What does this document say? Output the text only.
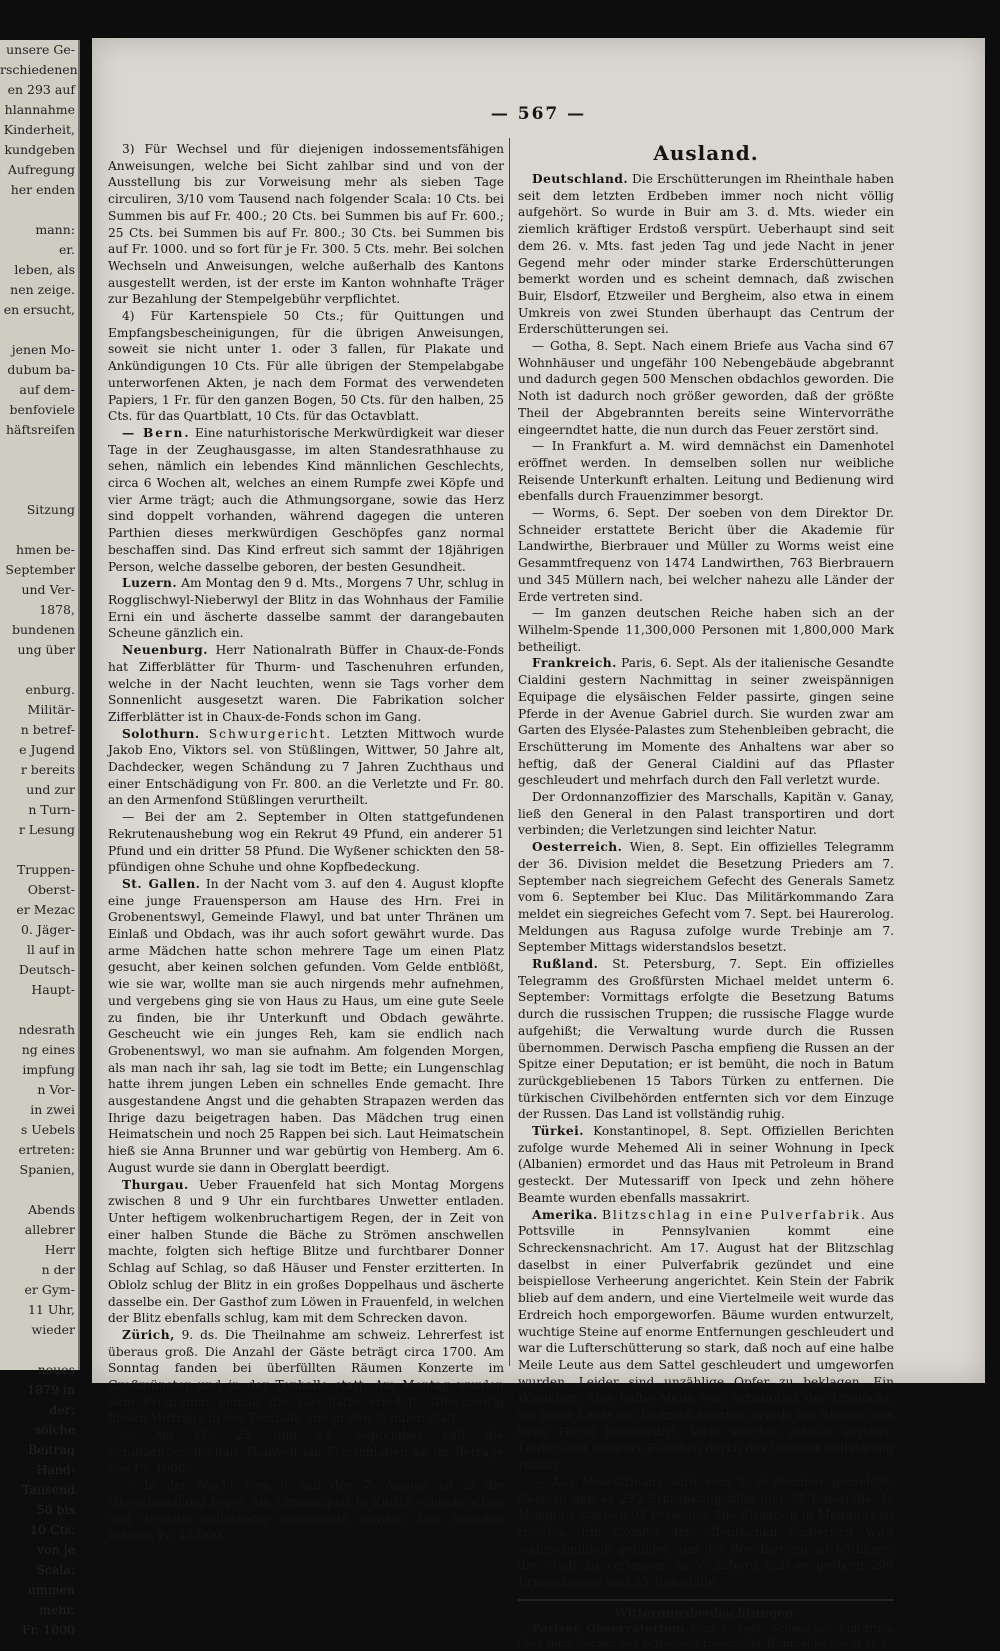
unsere Ge-
rschiedenen
en 293 auf
hlannahme
Kinderheit,
kundgeben
Aufregung
her enden

mann:
er.
leben, als
nen zeige.
en ersucht,

jenen Mo-
dubum ba-
auf dem-
benfoviele
häftsreifen

Sitzung

hmen be-
September
und Ver-
1878,
bundenen
ung über

enburg.
Militär-
n betref-
e Jugend
r bereits
und zur
n Turn-
r Lesung

Truppen-
Oberst-
er Mezac
0. Jäger-
ll auf in
Deutsch-
Haupt-

ndesrath
ng eines
impfung
n Vor-
in zwei
s Uebels
ertreten:
Spanien,

Abends
allebrer
Herr
n der
er Gym-
11 Uhr,
wieder

neues
1879 in
der:
solche
Beitrag
Hand-
Tausend
50 bis
10 Cts.
von je
Scala:
ummen
mehr.
Fr. 1000
— 567 —

3) Für Wechsel und für diejenigen indossementsfähigen Anweisungen, welche bei Sicht zahlbar sind und von der Ausstellung bis zur Vorweisung mehr als sieben Tage circuliren, 3/10 vom Tausend nach folgender Scala: 10 Cts. bei Summen bis auf Fr. 400.; 20 Cts. bei Summen bis auf Fr. 600.; 25 Cts. bei Summen bis auf Fr. 800.; 30 Cts. bei Summen bis auf Fr. 1000. und so fort für je Fr. 300. 5 Cts. mehr. Bei solchen Wechseln und Anweisungen, welche außerhalb des Kantons ausgestellt werden, ist der erste im Kanton wohnhafte Träger zur Bezahlung der Stempelgebühr verpflichtet.

4) Für Kartenspiele 50 Cts.; für Quittungen und Empfangsbescheinigungen, für die übrigen Anweisungen, soweit sie nicht unter 1. oder 3 fallen, für Plakate und Ankündigungen 10 Cts. Für alle übrigen der Stempelabgabe unterworfenen Akten, je nach dem Format des verwendeten Papiers, 1 Fr. für den ganzen Bogen, 50 Cts. für den halben, 25 Cts. für das Quartblatt, 10 Cts. für das Octavblatt.

— Bern. Eine naturhistorische Merkwürdigkeit war dieser Tage in der Zeughausgasse, im alten Standesrathhause zu sehen, nämlich ein lebendes Kind männlichen Geschlechts, circa 6 Wochen alt, welches an einem Rumpfe zwei Köpfe und vier Arme trägt; auch die Athmungsorgane, sowie das Herz sind doppelt vorhanden, während dagegen die unteren Parthien dieses merkwürdigen Geschöpfes ganz normal beschaffen sind. Das Kind erfreut sich sammt der 18jährigen Person, welche dasselbe geboren, der besten Gesundheit.

Luzern. Am Montag den 9 d. Mts., Morgens 7 Uhr, schlug in Rogglischwyl-Nieberwyl der Blitz in das Wohnhaus der Familie Erni ein und äscherte dasselbe sammt der darangebauten Scheune gänzlich ein.

Neuenburg. Herr Nationalrath Büffer in Chaux-de-Fonds hat Zifferblätter für Thurm- und Taschenuhren erfunden, welche in der Nacht leuchten, wenn sie Tags vorher dem Sonnenlicht ausgesetzt waren. Die Fabrikation solcher Zifferblätter ist in Chaux-de-Fonds schon im Gang.

Solothurn. Schwurgericht. Letzten Mittwoch wurde Jakob Eno, Viktors sel. von Stüßlingen, Wittwer, 50 Jahre alt, Dachdecker, wegen Schändung zu 7 Jahren Zuchthaus und einer Entschädigung von Fr. 800. an die Verletzte und Fr. 80. an den Armenfond Stüßlingen verurtheilt.

— Bei der am 2. September in Olten stattgefundenen Rekrutenaushebung wog ein Rekrut 49 Pfund, ein anderer 51 Pfund und ein dritter 58 Pfund. Die Wyßener schickten den 58-pfündigen ohne Schuhe und ohne Kopfbedeckung.

St. Gallen. In der Nacht vom 3. auf den 4. August klopfte eine junge Frauensperson am Hause des Hrn. Frei in Grobenentswyl, Gemeinde Flawyl, und bat unter Thränen um Einlaß und Obdach, was ihr auch sofort gewährt wurde. Das arme Mädchen hatte schon mehrere Tage um einen Platz gesucht, aber keinen solchen gefunden. Vom Gelde entblößt, wie sie war, wollte man sie auch nirgends mehr aufnehmen, und vergebens ging sie von Haus zu Haus, um eine gute Seele zu finden, bie ihr Unterkunft und Obdach gewährte. Gescheucht wie ein junges Reh, kam sie endlich nach Grobenentswyl, wo man sie aufnahm. Am folgenden Morgen, als man nach ihr sah, lag sie todt im Bette; ein Lungenschlag hatte ihrem jungen Leben ein schnelles Ende gemacht. Ihre ausgestandene Angst und die gehabten Strapazen werden das Ihrige dazu beigetragen haben. Das Mädchen trug einen Heimatschein und noch 25 Rappen bei sich. Laut Heimatschein hieß sie Anna Brunner und war gebürtig von Hemberg. Am 6. August wurde sie dann in Oberglatt beerdigt.

Thurgau. Ueber Frauenfeld hat sich Montag Morgens zwischen 8 und 9 Uhr ein furchtbares Unwetter entladen. Unter heftigem wolkenbruchartigem Regen, der in Zeit von einer halben Stunde die Bäche zu Strömen anschwellen machte, folgten sich heftige Blitze und furchtbarer Donner Schlag auf Schlag, so daß Häuser und Fenster erzitterten. In Oblolz schlug der Blitz in ein großes Doppelhaus und äscherte dasselbe ein. Der Gasthof zum Löwen in Frauenfeld, in welchen der Blitz ebenfalls schlug, kam mit dem Schrecken davon.

Zürich, 9. ds. Die Theilnahme am schweiz. Lehrerfest ist überaus groß. Die Anzahl der Gäste beträgt circa 1700. Am Sonntag fanden bei überfüllten Räumen Konzerte im Großmünster und in der Tonhalle statt. Am Montag wurden dem Programm gemäß die Geschäfte erledigt. Gleichzeitig finden Vorträge in der Tonhalle und in den Schulen statt.

— Am 22., 23. und 24. September hält die Schützengesellschaft Thalweil ein Freischießen ab im Betrage von Fr. 4000.

— In der Nacht vom 6. auf den 7. August ist in die Uhrenhandlung Peyer am Limmatquai in Zürich eingebrochen und dieselbe vollständig ausgeraubt worden. Der Schaden beträgt Fr. 13,000.

Ausland.

Deutschland. Die Erschütterungen im Rheinthale haben seit dem letzten Erdbeben immer noch nicht völlig aufgehört. So wurde in Buir am 3. d. Mts. wieder ein ziemlich kräftiger Erdstoß verspürt. Ueberhaupt sind seit dem 26. v. Mts. fast jeden Tag und jede Nacht in jener Gegend mehr oder minder starke Erderschütterungen bemerkt worden und es scheint demnach, daß zwischen Buir, Elsdorf, Etzweiler und Bergheim, also etwa in einem Umkreis von zwei Stunden überhaupt das Centrum der Erderschütterungen sei.

— Gotha, 8. Sept. Nach einem Briefe aus Vacha sind 67 Wohnhäuser und ungefähr 100 Nebengebäude abgebrannt und dadurch gegen 500 Menschen obdachlos geworden. Die Noth ist dadurch noch größer geworden, daß der größte Theil der Abgebrannten bereits seine Wintervorräthe eingeerndtet hatte, die nun durch das Feuer zerstört sind.

— In Frankfurt a. M. wird demnächst ein Damenhotel eröffnet werden. In demselben sollen nur weibliche Reisende Unterkunft erhalten. Leitung und Bedienung wird ebenfalls durch Frauenzimmer besorgt.

— Worms, 6. Sept. Der soeben von dem Direktor Dr. Schneider erstattete Bericht über die Akademie für Landwirthe, Bierbrauer und Müller zu Worms weist eine Gesammtfrequenz von 1474 Landwirthen, 763 Bierbrauern und 345 Müllern nach, bei welcher nahezu alle Länder der Erde vertreten sind.

— Im ganzen deutschen Reiche haben sich an der Wilhelm-Spende 11,300,000 Personen mit 1,800,000 Mark betheiligt.

Frankreich. Paris, 6. Sept. Als der italienische Gesandte Cialdini gestern Nachmittag in seiner zweispännigen Equipage die elysäischen Felder passirte, gingen seine Pferde in der Avenue Gabriel durch. Sie wurden zwar am Garten des Elysée-Palastes zum Stehenbleiben gebracht, die Erschütterung im Momente des Anhaltens war aber so heftig, daß der General Cialdini auf das Pflaster geschleudert und mehrfach durch den Fall verletzt wurde.

Der Ordonnanzoffizier des Marschalls, Kapitän v. Ganay, ließ den General in den Palast transportiren und dort verbinden; die Verletzungen sind leichter Natur.

Oesterreich. Wien, 8. Sept. Ein offizielles Telegramm der 36. Division meldet die Besetzung Prieders am 7. September nach siegreichem Gefecht des Generals Sametz vom 6. September bei Kluc. Das Militärkommando Zara meldet ein siegreiches Gefecht vom 7. Sept. bei Haurerolog. Meldungen aus Ragusa zufolge wurde Trebinje am 7. September Mittags widerstandslos besetzt.

Rußland. St. Petersburg, 7. Sept. Ein offizielles Telegramm des Großfürsten Michael meldet unterm 6. September: Vormittags erfolgte die Besetzung Batums durch die russischen Truppen; die russische Flagge wurde aufgehißt; die Verwaltung wurde durch die Russen übernommen. Derwisch Pascha empfieng die Russen an der Spitze einer Deputation; er ist bemüht, die noch in Batum zurückgebliebenen 15 Tabors Türken zu entfernen. Die türkischen Civilbehörden entfernten sich vor dem Einzuge der Russen. Das Land ist vollständig ruhig.

Türkei. Konstantinopel, 8. Sept. Offiziellen Berichten zufolge wurde Mehemed Ali in seiner Wohnung in Ipeck (Albanien) ermordet und das Haus mit Petroleum in Brand gesteckt. Der Mutessariff von Ipeck und zehn höhere Beamte wurden ebenfalls massakrirt.

Amerika. Blitzschlag in eine Pulverfabrik. Aus Pottsville in Pennsylvanien kommt eine Schreckensnachricht. Am 17. August hat der Blitzschlag daselbst in einer Pulverfabrik gezündet und eine beispiellose Verheerung angerichtet. Kein Stein der Fabrik blieb auf dem andern, und eine Viertelmeile weit wurde das Erdreich hoch emporgeworfen. Bäume wurden entwurzelt, wuchtige Steine auf enorme Entfernungen geschleudert und war die Lufterschütterung so stark, daß noch auf eine halbe Meile Leute aus dem Sattel geschleudert und umgeworfen wurden. Leider sind unzählige Opfer zu beklagen. Ein Wäldchen, eine halbe Meile vom Schauplatz des Unglücks, wo junge Leute ein Picknick feierten, wurde mit Steinen wie beim Hagel bombardirt. Viele wurden schwer verletzt. Leider sind mehrere Familien durch das Unglück vollständig ruinirt.

— Aus New-Orleans wird vom 8. September gemeldet: Gestern gab es 232 Erkrankungsfälle und 77 Todesfälle. In Memphis starben 95 Personen. Die Situation in Memphis ist trostlos. Ein Comité der öffentlichen Sicherheit wird wahrscheinlich gebildet, um die Bevölkerung zu nöthigen, die Stadt zu verlassen. In Vicksburg gab es gestern 200 Erkrankungs- und 33 Todesfälle.

Witterungsbeobachtungen.

Pariser Observatorium vom 9. Sept. Schwacher Luftdruck über dem Norden der britischen Inseln; der Himmel be deckt sich.
